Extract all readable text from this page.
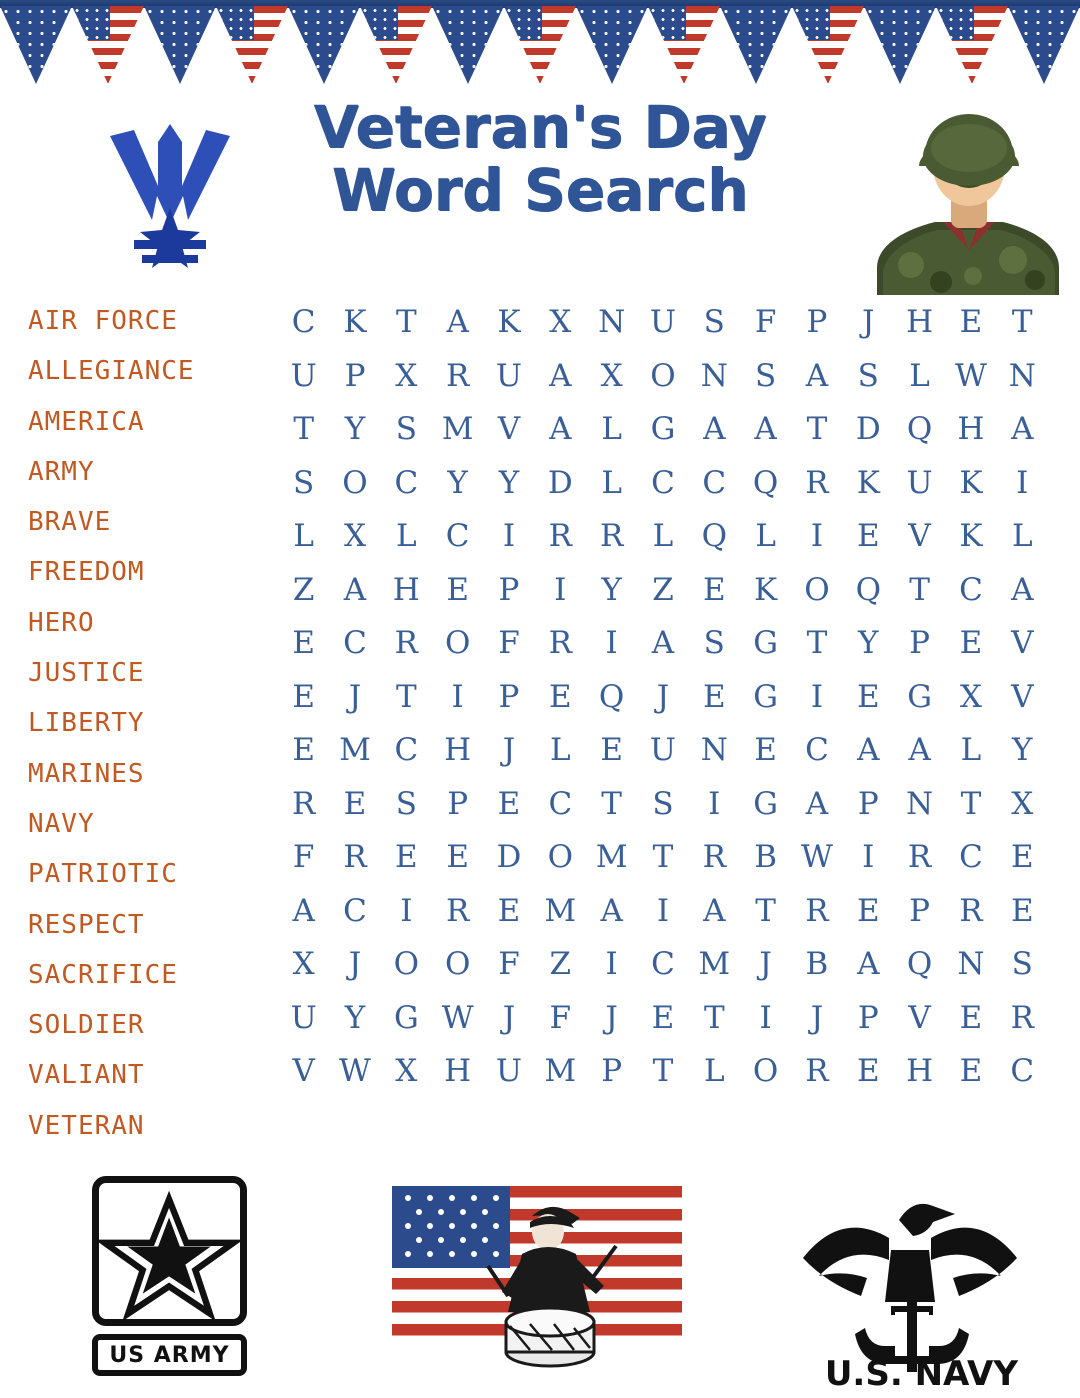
Veteran's Day
Word Search
AIR FORCE
ALLEGIANCE
AMERICA
ARMY
BRAVE
FREEDOM
HERO
JUSTICE
LIBERTY
MARINES
NAVY
PATRIOTIC
RESPECT
SACRIFICE
SOLDIER
VALIANT
VETERAN
C K T A K X N U S F P	J	H E T
U P X R U A X O N S A S L W N
T Y S M V A L G A A T D Q H A
S O C Y Y D L C C Q R K U K	I
L X L C	I	R R L Q L	I	E V K L
Z A H E P	I	Y Z E K O Q T C A
E C R O F R	I	A S G T Y P E V
E	J	T	I	P E Q	J	E G	I	E G X V
E M C H	J	L E U N E C A A L Y
R E S P E C T S	I	G A P N T X
F R E E D O M T R B W I	R C E
A C	I	R E M A	I	A T R E P R E
X	J	O O F Z	I	C M J	B A Q N S
U Y G W J	F	J	E T	I	J	P V E R
V W X H U M P T L O R E H E C
US ARMY	U.S. NAVY
